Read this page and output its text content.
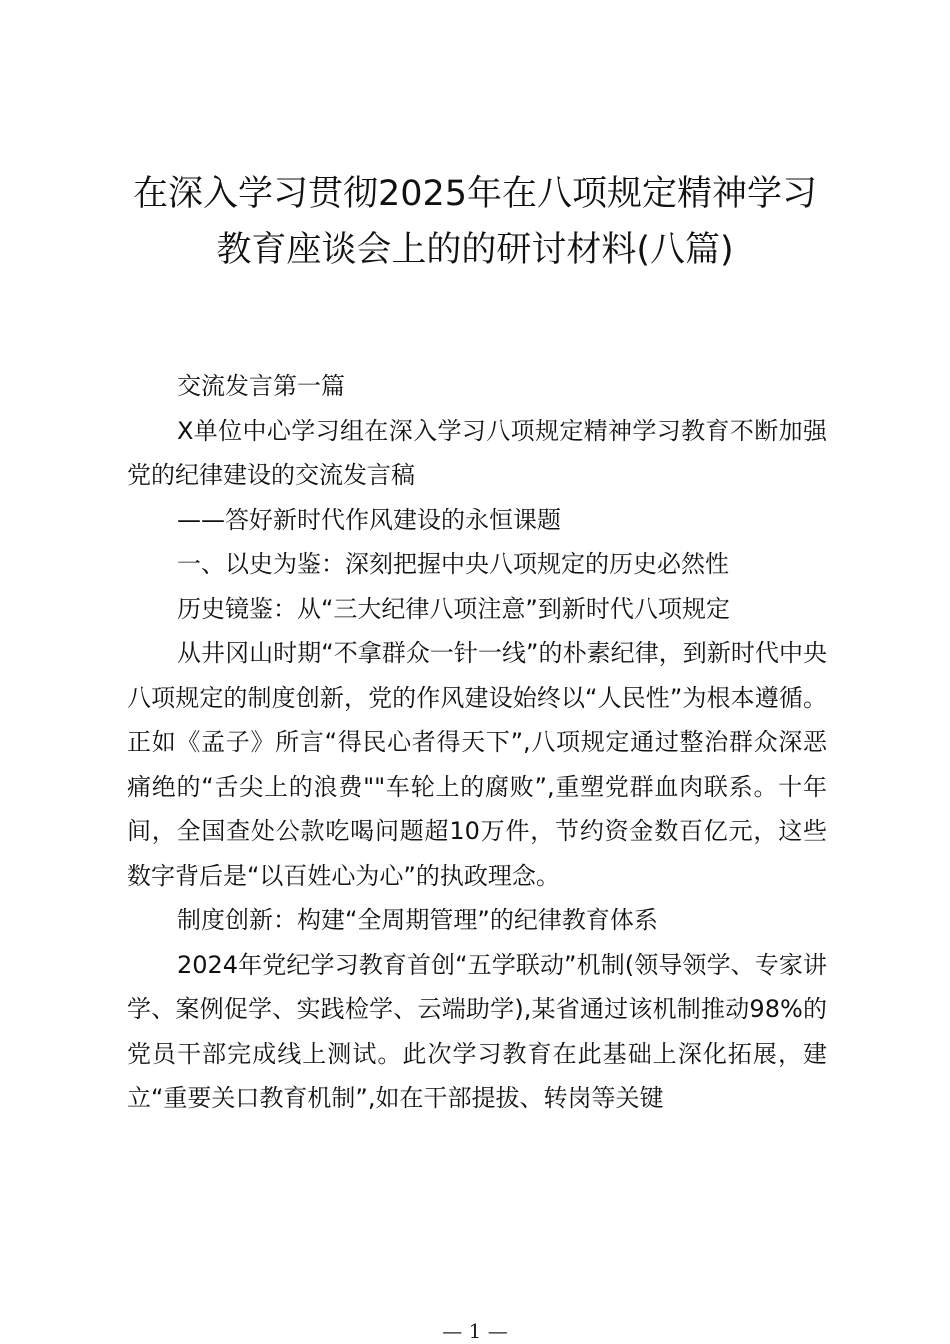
在深入学习贯彻2025年在八项规定精神学习
教育座谈会上的的研讨材料(八篇)

交流发言第一篇

X单位中心学习组在深入学习八项规定精神学习教育不断加强党的纪律建设的交流发言稿

——答好新时代作风建设的永恒课题

一、以史为鉴：深刻把握中央八项规定的历史必然性

历史镜鉴：从“三大纪律八项注意”到新时代八项规定

从井冈山时期“不拿群众一针一线”的朴素纪律，到新时代中央八项规定的制度创新，党的作风建设始终以“人民性”为根本遵循。正如《孟子》所言“得民心者得天下”,八项规定通过整治群众深恶痛绝的“舌尖上的浪费""车轮上的腐败”,重塑党群血肉联系。十年间，全国查处公款吃喝问题超10万件，节约资金数百亿元，这些数字背后是“以百姓心为心”的执政理念。

制度创新：构建“全周期管理”的纪律教育体系

2024年党纪学习教育首创“五学联动”机制(领导领学、专家讲学、案例促学、实践检学、云端助学),某省通过该机制推动98%的党员干部完成线上测试。此次学习教育在此基础上深化拓展，建立“重要关口教育机制”,如在干部提拔、转岗等关键

— 1 —
